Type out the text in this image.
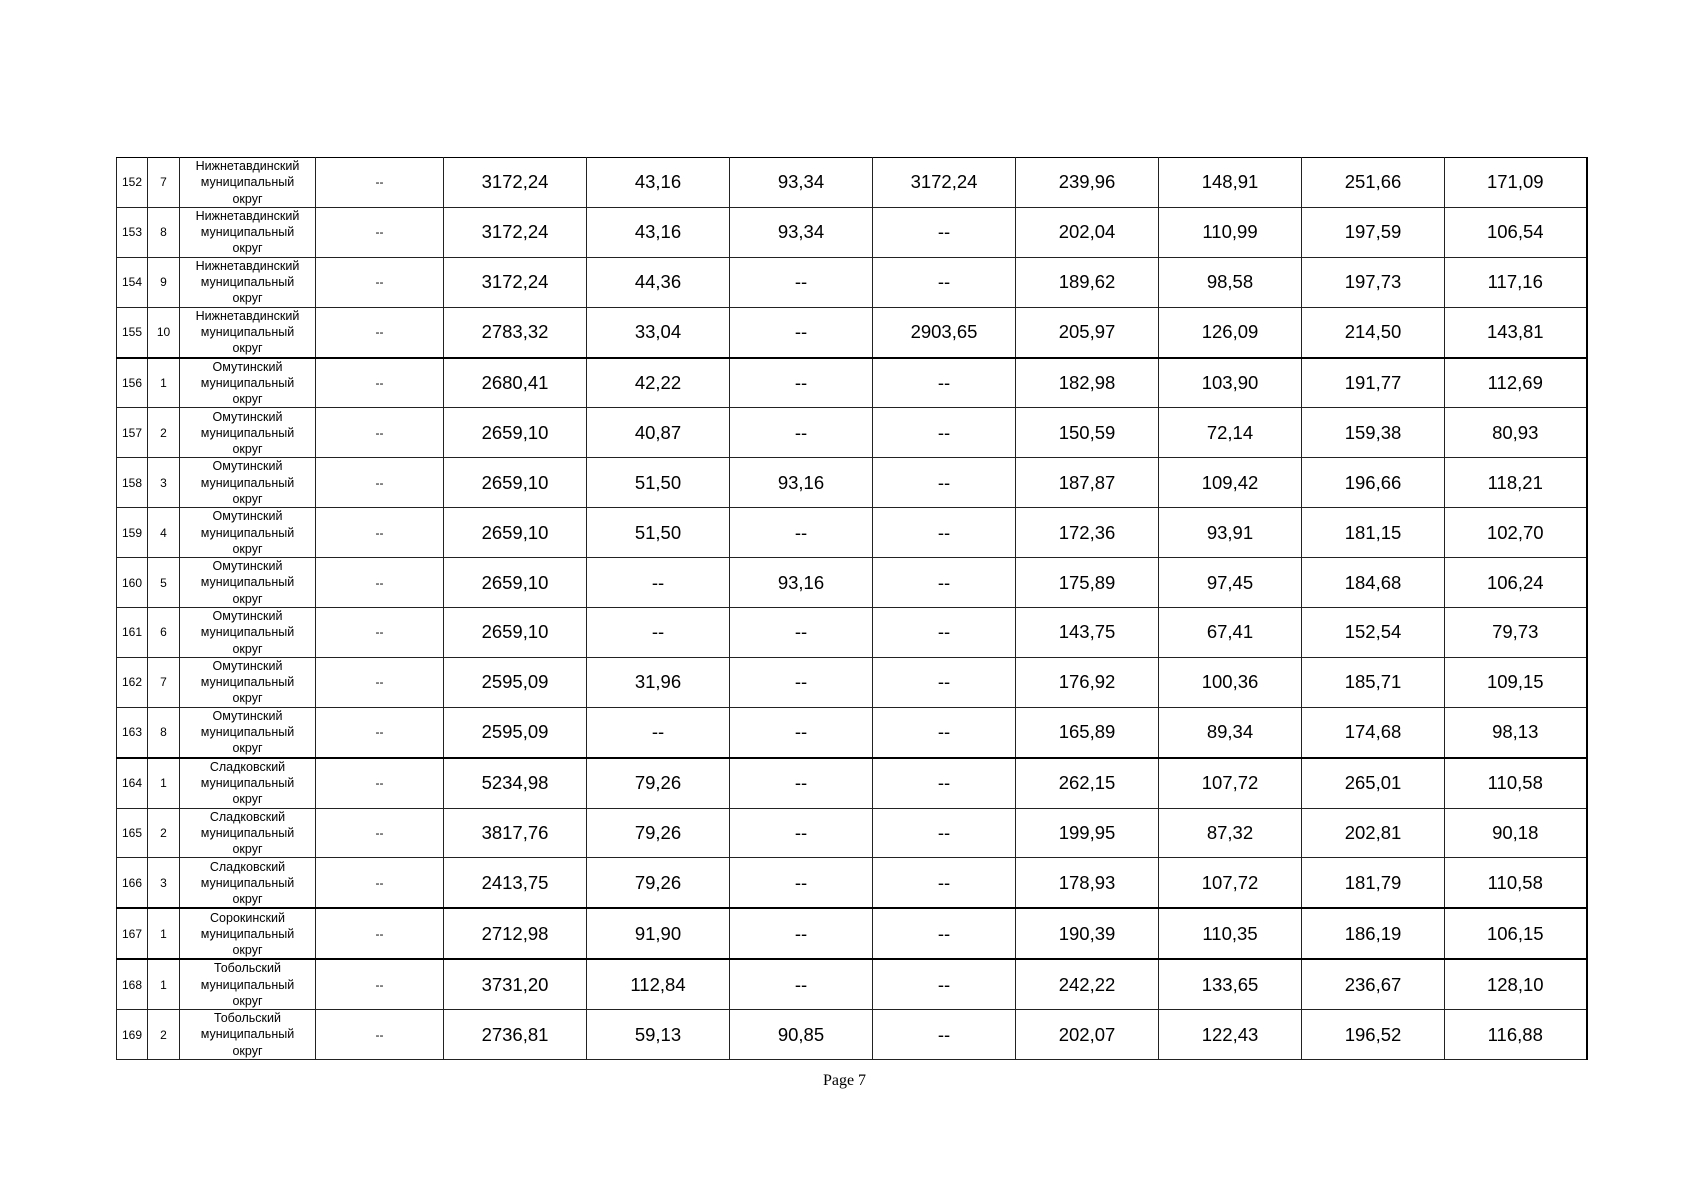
152	7	Нижнетавдинский
муниципальный
округ	--	3172,24	43,16	93,34	3172,24	239,96	148,91	251,66	171,09
153	8	Нижнетавдинский
муниципальный
округ	--	3172,24	43,16	93,34	--	202,04	110,99	197,59	106,54
154	9	Нижнетавдинский
муниципальный
округ	--	3172,24	44,36	--	--	189,62	98,58	197,73	117,16
155	10	Нижнетавдинский
муниципальный
округ	--	2783,32	33,04	--	2903,65	205,97	126,09	214,50	143,81
156	1	Омутинский
муниципальный
округ	--	2680,41	42,22	--	--	182,98	103,90	191,77	112,69
157	2	Омутинский
муниципальный
округ	--	2659,10	40,87	--	--	150,59	72,14	159,38	80,93
158	3	Омутинский
муниципальный
округ	--	2659,10	51,50	93,16	--	187,87	109,42	196,66	118,21
159	4	Омутинский
муниципальный
округ	--	2659,10	51,50	--	--	172,36	93,91	181,15	102,70
160	5	Омутинский
муниципальный
округ	--	2659,10	--	93,16	--	175,89	97,45	184,68	106,24
161	6	Омутинский
муниципальный
округ	--	2659,10	--	--	--	143,75	67,41	152,54	79,73
162	7	Омутинский
муниципальный
округ	--	2595,09	31,96	--	--	176,92	100,36	185,71	109,15
163	8	Омутинский
муниципальный
округ	--	2595,09	--	--	--	165,89	89,34	174,68	98,13
164	1	Сладковский
муниципальный
округ	--	5234,98	79,26	--	--	262,15	107,72	265,01	110,58
165	2	Сладковский
муниципальный
округ	--	3817,76	79,26	--	--	199,95	87,32	202,81	90,18
166	3	Сладковский
муниципальный
округ	--	2413,75	79,26	--	--	178,93	107,72	181,79	110,58
167	1	Сорокинский
муниципальный
округ	--	2712,98	91,90	--	--	190,39	110,35	186,19	106,15
168	1	Тобольский
муниципальный
округ	--	3731,20	112,84	--	--	242,22	133,65	236,67	128,10
169	2	Тобольский
муниципальный
округ	--	2736,81	59,13	90,85	--	202,07	122,43	196,52	116,88
Page 7
